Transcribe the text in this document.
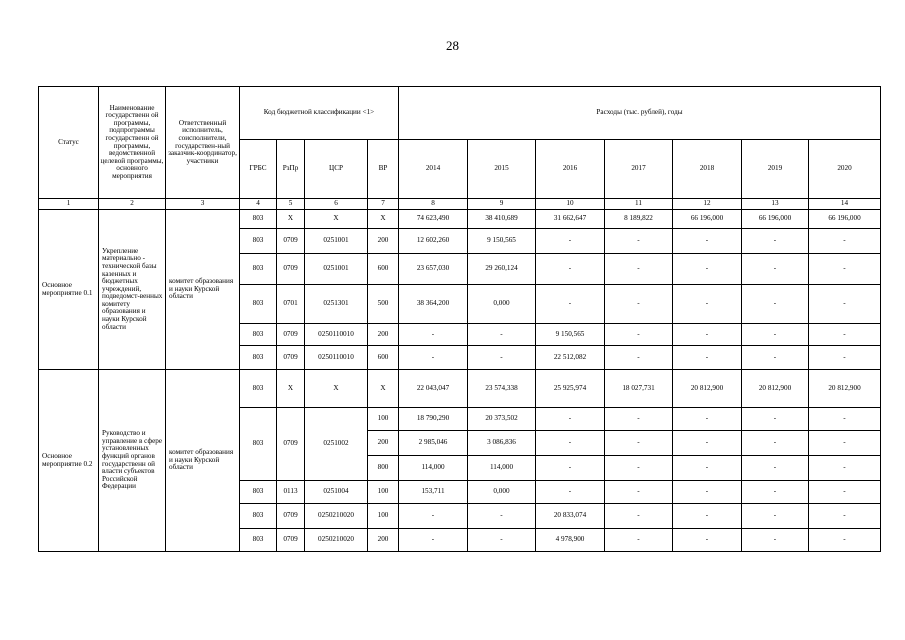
28
Статус	Наименование государственн ой программы, подпрограммы государственн ой программы, ведомственной целевой программы, основного мероприятия	Ответственный исполнитель, соисполнители, государствен-ный заказчик-координатор, участники	Код бюджетной классификации <1>				Расходы (тыс. рублей), годы						
			ГРБС	РзПр	ЦСР	ВР	2014	2015	2016	2017	2018	2019	2020
1	2	3	4	5	6	7	8	9	10	11	12	13	14
Основное мероприятие 0.1	Укрепление материально - технической базы казенных и бюджетных учреждений, подведомст-венных комитету образования и науки Курской области	комитет образования и науки Курской области	803	X	X	X	74 623,490	38 410,689	31 662,647	8 189,822	66 196,000	66 196,000	66 196,000
			803	0709	0251001	200	12 602,260	9 150,565	-	-	-	-	-
			803	0709	0251001	600	23 657,030	29 260,124	-	-	-	-	-
			803	0701	0251301	500	38 364,200	0,000	-	-	-	-	-
			803	0709	0250110010	200	-	-	9 150,565	-	-	-	-
			803	0709	0250110010	600	-	-	22 512,082	-	-	-	-
Основное мероприятие 0.2	Руководство и управление в сфере установленных функций органов государственн ой власти субъектов Российской Федерации	комитет образования и науки Курской области	803	X	X	X	22 043,047	23 574,338	25 925,974	18 027,731	20 812,900	20 812,900	20 812,900
			803	0709	0251002	100	18 790,290	20 373,502	-	-	-	-	-
						200	2 985,046	3 086,836	-	-	-	-	-
						800	114,000	114,000	-	-	-	-	-
			803	0113	0251004	100	153,711	0,000	-	-	-	-	-
			803	0709	0250210020	100	-	-	20 833,074	-	-	-	-
			803	0709	0250210020	200	-	-	4 978,900	-	-	-	-
